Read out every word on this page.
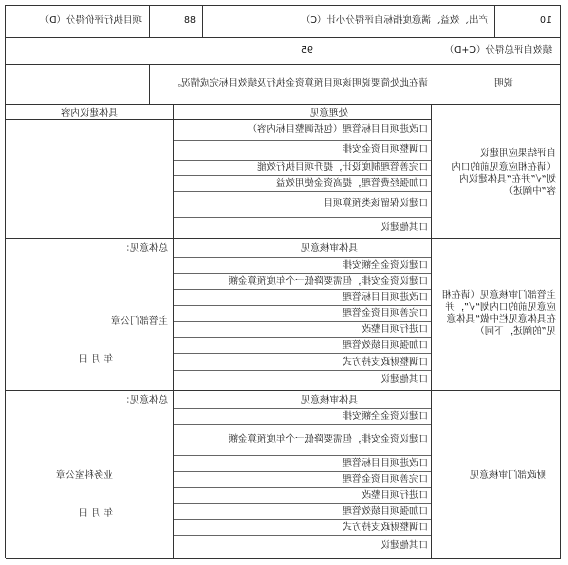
10
产出、效益、满意度指标自评得分小计（C）
88
项目执行评价得分（D）
绩效自评总得分（C+D）
95
说明
请在此处简要说明该项目预算资金执行及绩效目标完成情况。
处理意见
具体建议内容
自评结果应用建议
（请在相应意见前的口内划“√”并在“具体建议内容”中阐述）
口改进项目目标管理（包括调整目标内容）
口调整项目资金安排
口完善管理制度设计，提升项目执行效能
口加强经费管理，提高资金使用效益
口建议保留该类预算项目
口其他建议
主管部门审核意见（请在相应意见前的口内划“√”，并在具体意见栏中做“具体意见”的阐述，下同）
具体审核意见
总体意见：
口建议资金全额安排
口建议资金安排，但需要降低一个年度预算金额
口改进项目目标管理
口完善项目资金管理
口进行项目整改
口加强项目绩效管理
口调整财政支持方式
口其他建议
主管部门公章
年 月 日
财政部门审核意见
具体审核意见
总体意见：
口建议资金全额安排
口建议资金安排，但需要降低一个年度预算金额
口改进项目目标管理
口完善项目资金管理
口进行项目整改
口加强项目绩效管理
口调整财政支持方式
口其他建议
业务科室公章
年 月 日
